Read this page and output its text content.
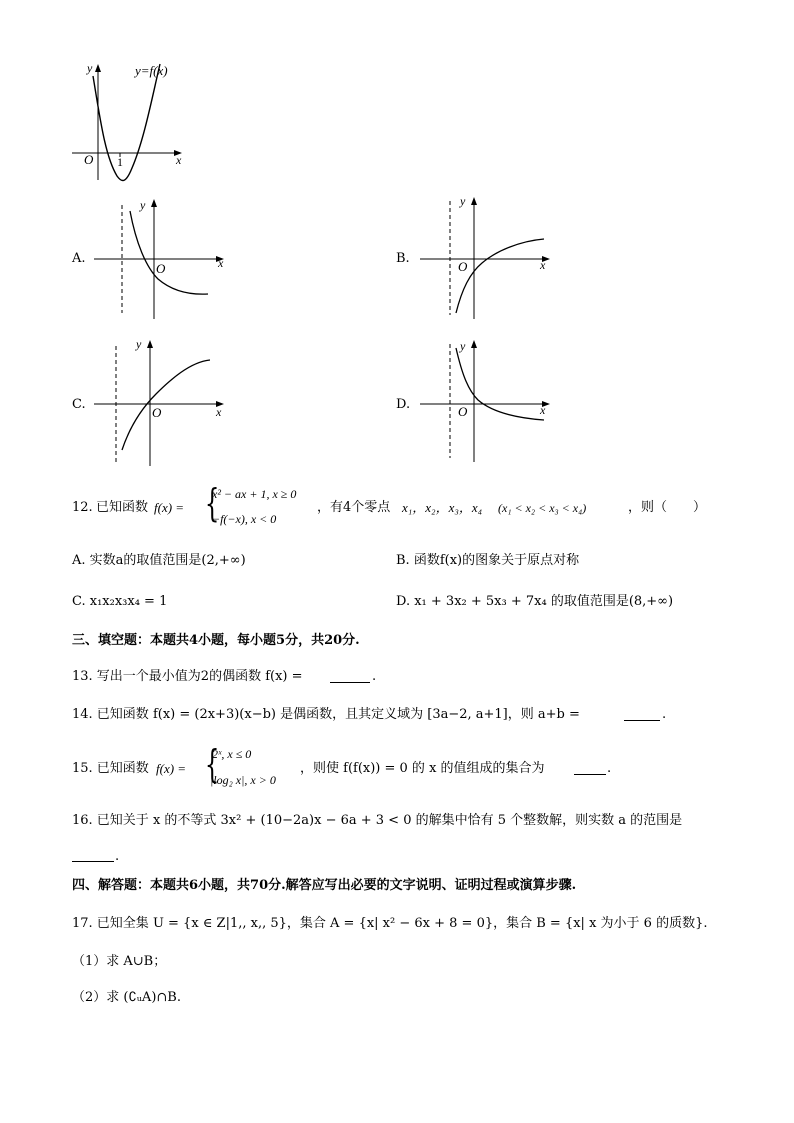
y	y=f(x)
O 1	x
A.
y
O	x	B.
y
O	x
C.
y
O	x	D.
y
O	x
12. 已知函数 f(x) = {
x² − ax + 1, x ≥ 0
−f(−x), x < 0
，有4个零点 x₁，x₂，x₃，x₄ (x₁ < x₂ < x₃ < x₄)	，则（　　）
A. 实数a的取值范围是(2,+∞)	B. 函数f(x)的图象关于原点对称
C. x₁x₂x₃x₄ = 1	D. x₁ + 3x₂ + 5x₃ + 7x₄ 的取值范围是(8,+∞)
三、填空题：本题共4小题，每小题5分，共20分.
13. 写出一个最小值为2的偶函数 f(x) =	.
14. 已知函数 f(x) = (2x+3)(x−b) 是偶函数，且其定义域为 [3a−2, a+1]，则 a+b =	.
15. 已知函数 f(x) = {
2ˣ, x ≤ 0
|log₂ x|, x > 0
，则使 f(f(x)) = 0 的 x 的值组成的集合为	.
16. 已知关于 x 的不等式 3x² + (10−2a)x − 6a + 3 < 0 的解集中恰有 5 个整数解，则实数 a 的范围是
.
四、解答题：本题共6小题，共70分.解答应写出必要的文字说明、证明过程或演算步骤.
17. 已知全集 U = {x ∈ Z|1,, x,, 5}，集合 A = {x| x² − 6x + 8 = 0}，集合 B = {x| x 为小于 6 的质数}.
（1）求 A∪B；
（2）求 (∁ᵤA)∩B.
